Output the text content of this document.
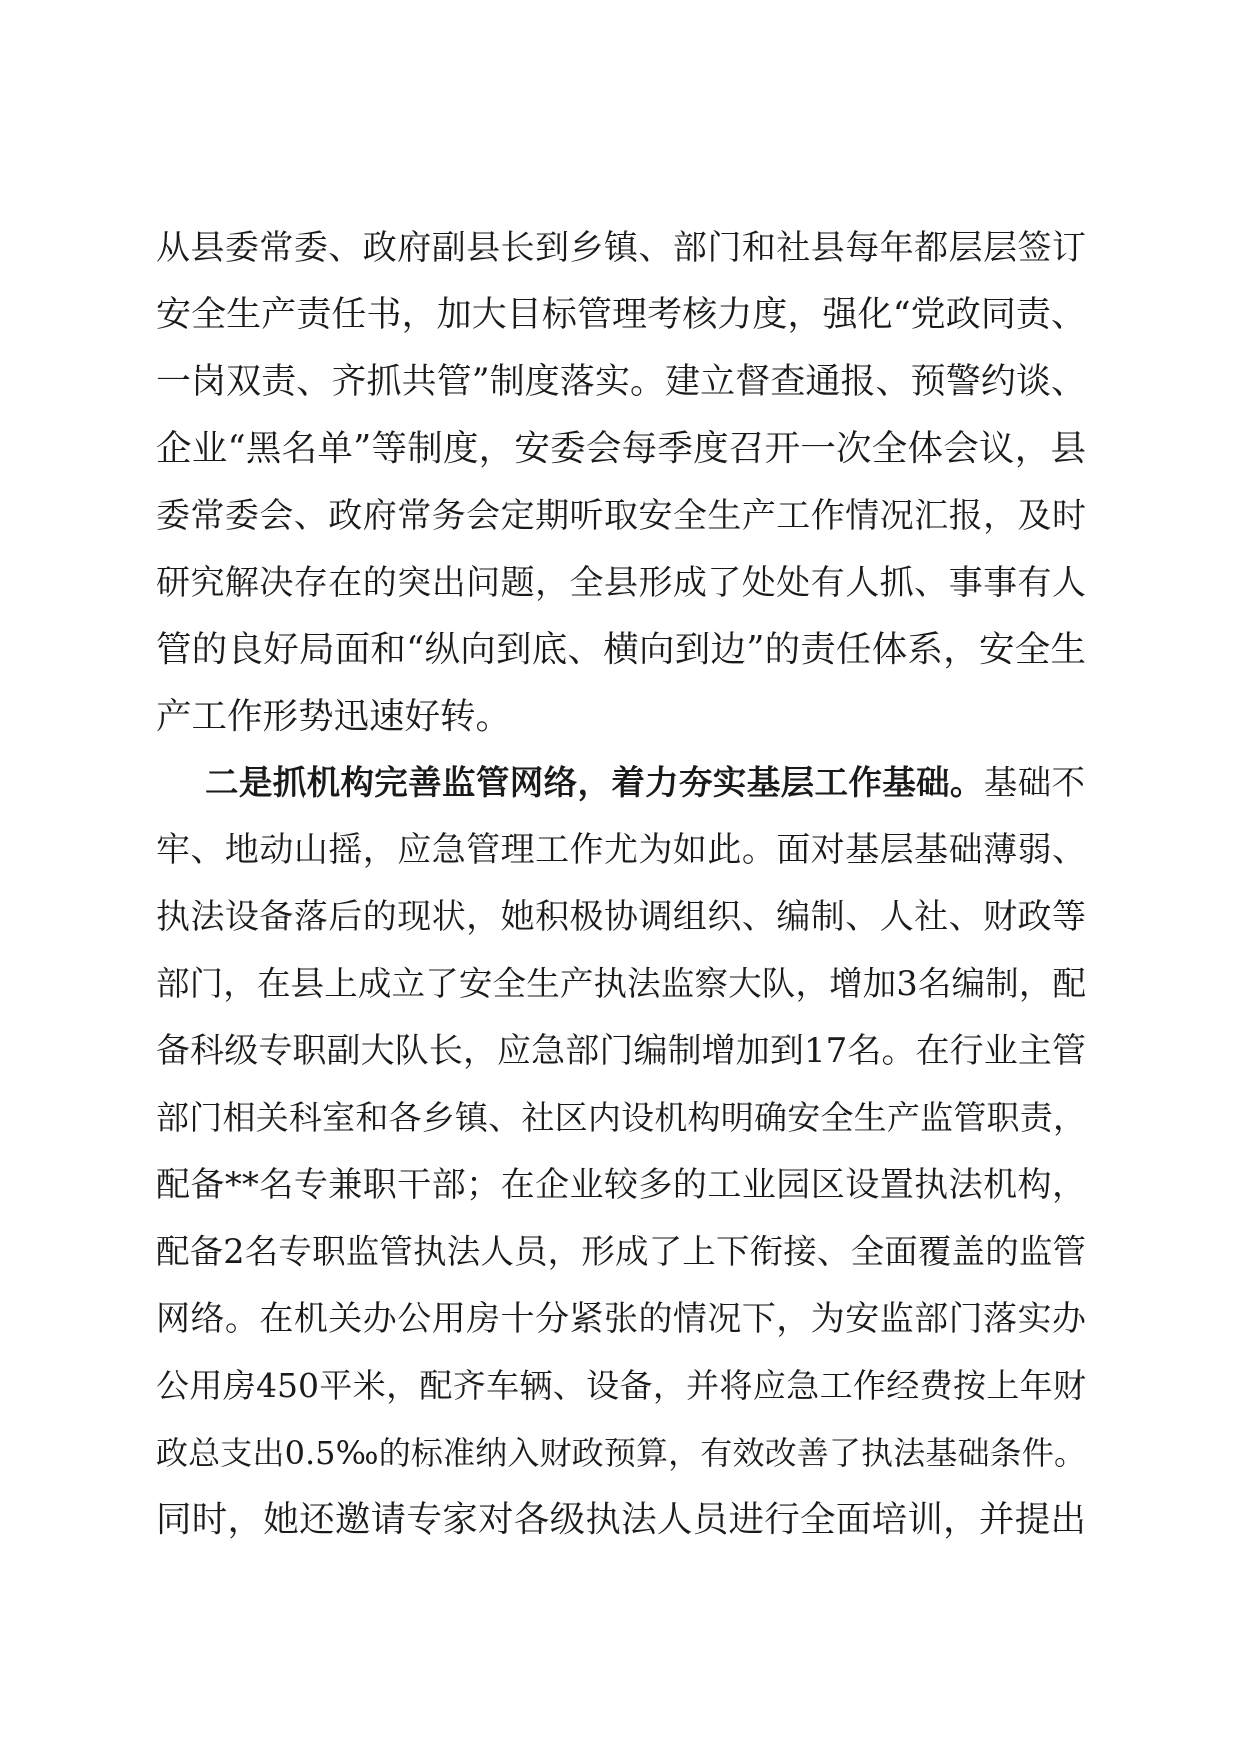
从县委常委、政府副县长到乡镇、部门和社县每年都层层签订
安全生产责任书，加大目标管理考核力度，强化“党政同责、
一岗双责、齐抓共管”制度落实。建立督查通报、预警约谈、
企业“黑名单”等制度，安委会每季度召开一次全体会议，县
委常委会、政府常务会定期听取安全生产工作情况汇报，及时
研究解决存在的突出问题，全县形成了处处有人抓、事事有人
管的良好局面和“纵向到底、横向到边”的责任体系，安全生
产工作形势迅速好转。
二是抓机构完善监管网络，着力夯实基层工作基础。基础不
牢、地动山摇，应急管理工作尤为如此。面对基层基础薄弱、
执法设备落后的现状，她积极协调组织、编制、人社、财政等
部门，在县上成立了安全生产执法监察大队，增加3名编制，配
备科级专职副大队长，应急部门编制增加到17名。在行业主管
部门相关科室和各乡镇、社区内设机构明确安全生产监管职责，
配备**名专兼职干部；在企业较多的工业园区设置执法机构，
配备2名专职监管执法人员，形成了上下衔接、全面覆盖的监管
网络。在机关办公用房十分紧张的情况下，为安监部门落实办
公用房450平米，配齐车辆、设备，并将应急工作经费按上年财
政总支出0.5‰的标准纳入财政预算，有效改善了执法基础条件。
同时，她还邀请专家对各级执法人员进行全面培训，并提出
